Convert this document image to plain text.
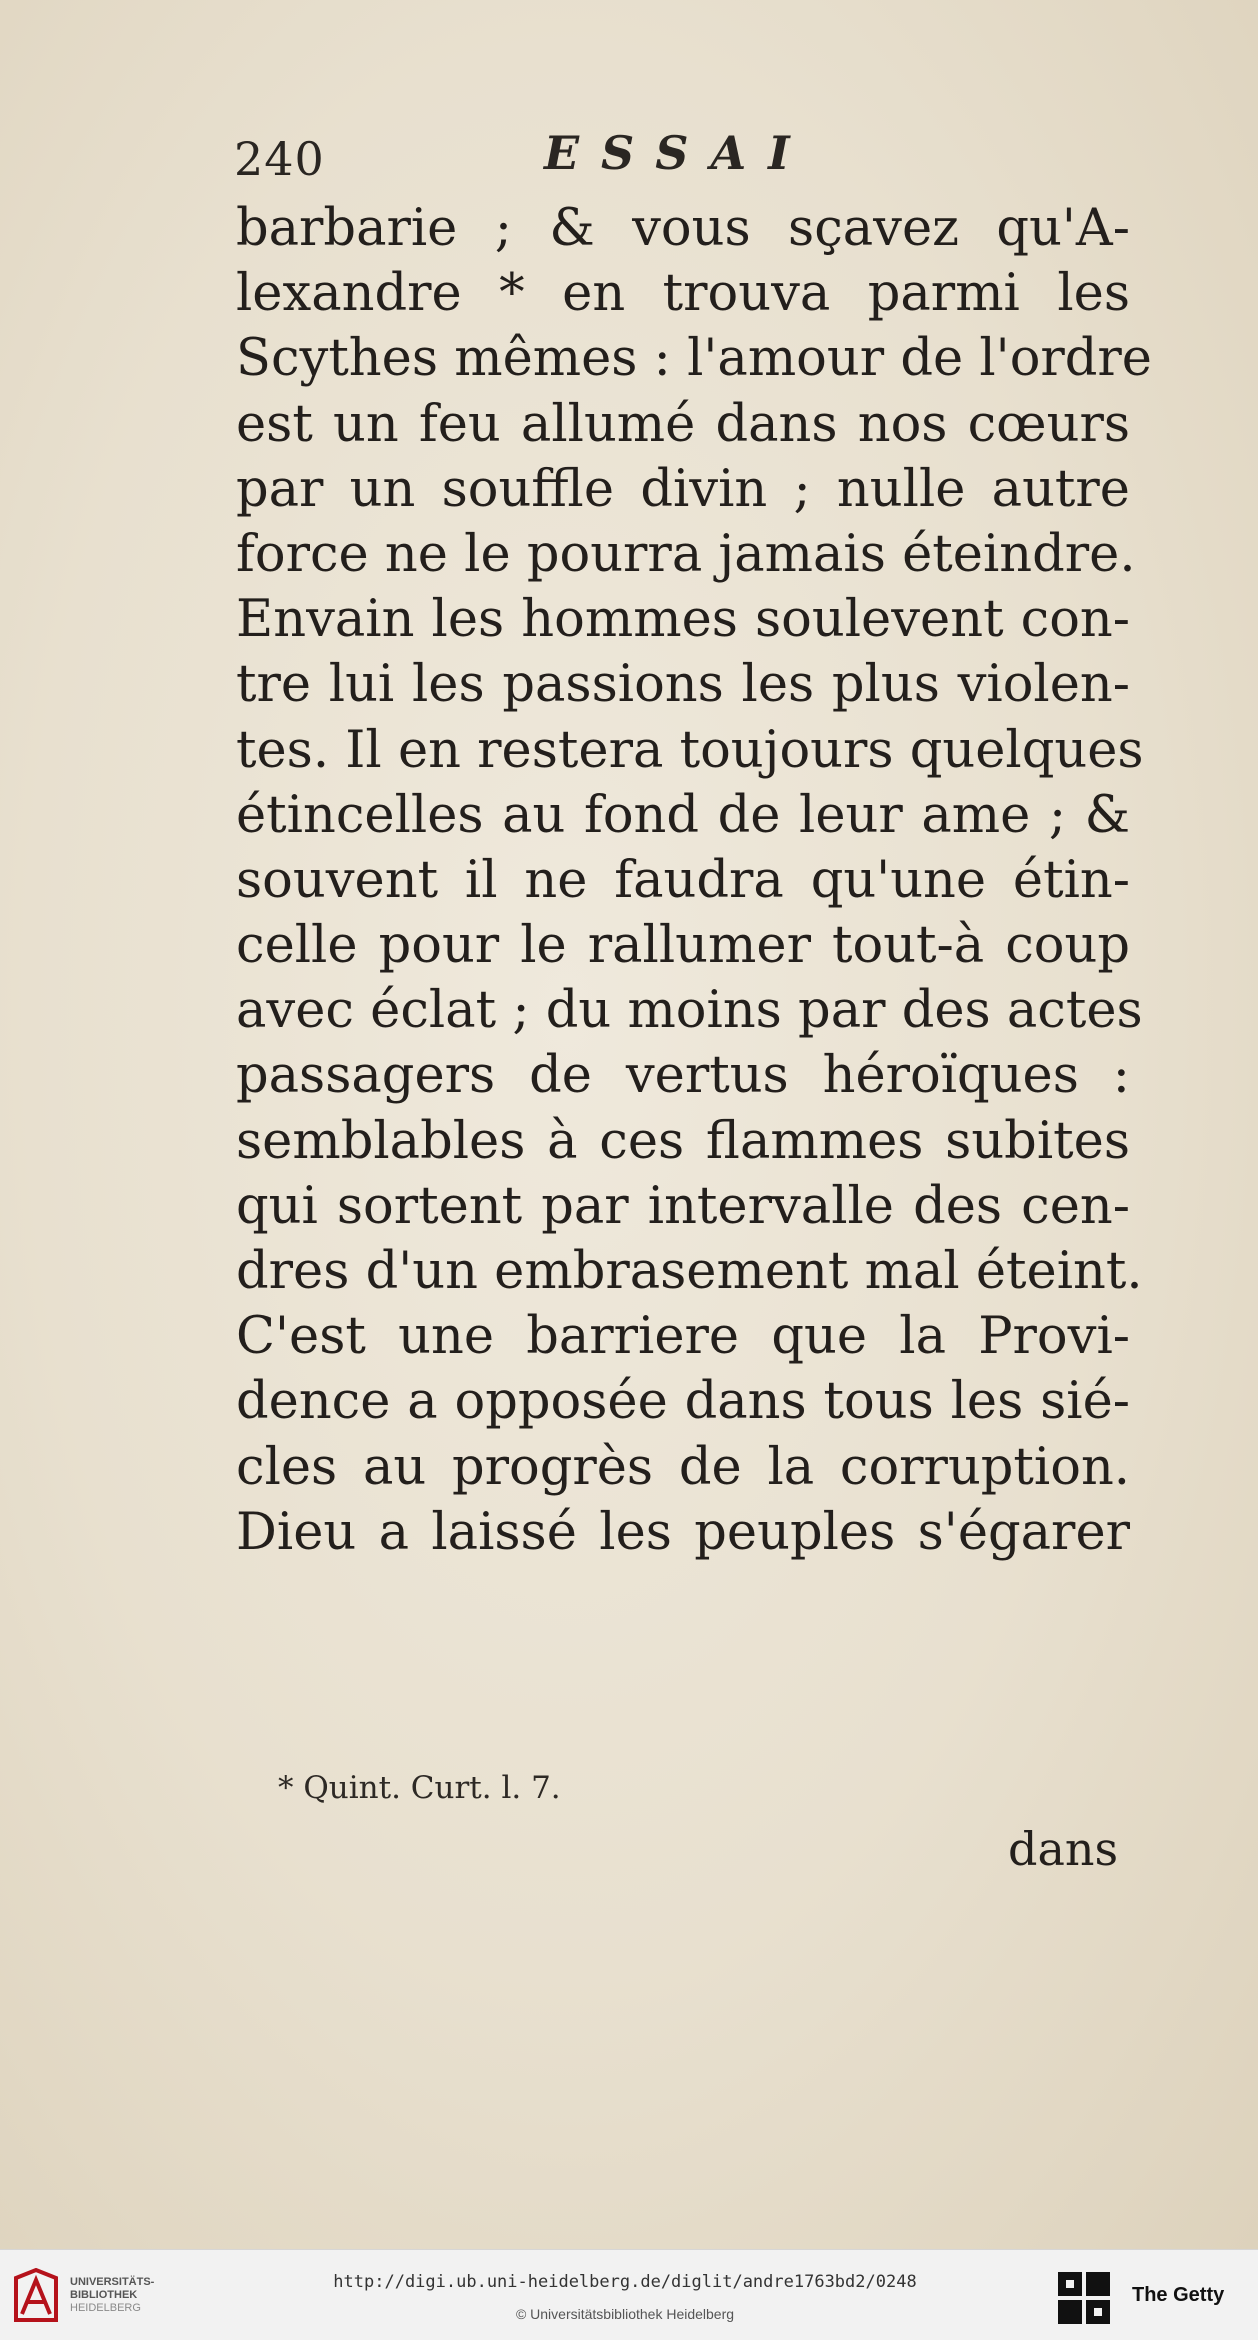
240	ESSAI
barbarie ; & vous sçavez qu'A-
lexandre * en trouva parmi les
Scythes mêmes : l'amour de l'ordre
est un feu allumé dans nos cœurs
par un souffle divin ; nulle autre
force ne le pourra jamais éteindre.
Envain les hommes soulevent con-
tre lui les passions les plus violen-
tes. Il en restera toujours quelques
étincelles au fond de leur ame ; &
souvent il ne faudra qu'une étin-
celle pour le rallumer tout-à coup
avec éclat ; du moins par des actes
passagers de vertus héroïques :
semblables à ces flammes subites
qui sortent par intervalle des cen-
dres d'un embrasement mal éteint.
C'est une barriere que la Provi-
dence a opposée dans tous les sié-
cles au progrès de la corruption.
Dieu a laissé les peuples s'égarer
* Quint. Curt. l. 7.
dans
UNIVERSITÄTS-
BIBLIOTHEK
HEIDELBERG
http://digi.ub.uni-heidelberg.de/diglit/andre1763bd2/0248
© Universitätsbibliothek Heidelberg
The Getty
